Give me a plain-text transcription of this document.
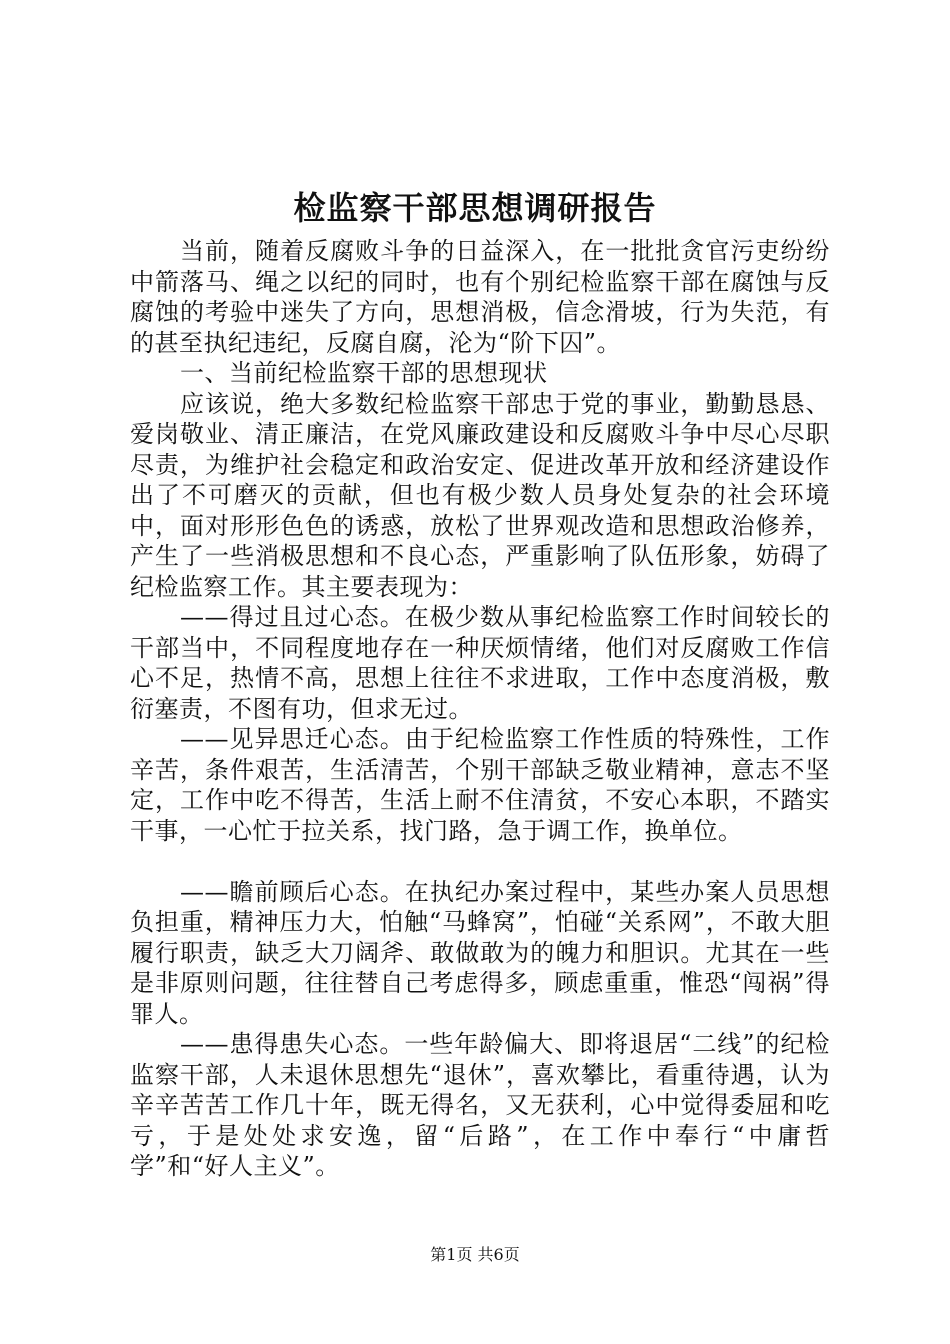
检监察干部思想调研报告

当前，随着反腐败斗争的日益深入，在一批批贪官污吏纷纷中箭落马、绳之以纪的同时，也有个别纪检监察干部在腐蚀与反腐蚀的考验中迷失了方向，思想消极，信念滑坡，行为失范，有的甚至执纪违纪，反腐自腐，沦为“阶下囚”。

一、当前纪检监察干部的思想现状

应该说，绝大多数纪检监察干部忠于党的事业，勤勤恳恳、爱岗敬业、清正廉洁，在党风廉政建设和反腐败斗争中尽心尽职尽责，为维护社会稳定和政治安定、促进改革开放和经济建设作出了不可磨灭的贡献，但也有极少数人员身处复杂的社会环境中，面对形形色色的诱惑，放松了世界观改造和思想政治修养，产生了一些消极思想和不良心态，严重影响了队伍形象，妨碍了纪检监察工作。其主要表现为：

——得过且过心态。在极少数从事纪检监察工作时间较长的干部当中，不同程度地存在一种厌烦情绪，他们对反腐败工作信心不足，热情不高，思想上往往不求进取，工作中态度消极，敷衍塞责，不图有功，但求无过。

——见异思迁心态。由于纪检监察工作性质的特殊性，工作辛苦，条件艰苦，生活清苦，个别干部缺乏敬业精神，意志不坚定，工作中吃不得苦，生活上耐不住清贫，不安心本职，不踏实干事，一心忙于拉关系，找门路，急于调工作，换单位。

——瞻前顾后心态。在执纪办案过程中，某些办案人员思想负担重，精神压力大，怕触“马蜂窝”，怕碰“关系网”，不敢大胆履行职责，缺乏大刀阔斧、敢做敢为的魄力和胆识。尤其在一些是非原则问题，往往替自己考虑得多，顾虑重重，惟恐“闯祸”得罪人。

——患得患失心态。一些年龄偏大、即将退居“二线”的纪检监察干部，人未退休思想先“退休”，喜欢攀比，看重待遇，认为辛辛苦苦工作几十年，既无得名，又无获利，心中觉得委屈和吃亏，于是处处求安逸，留“后路”，在工作中奉行“中庸哲学”和“好人主义”。

第1页 共6页
